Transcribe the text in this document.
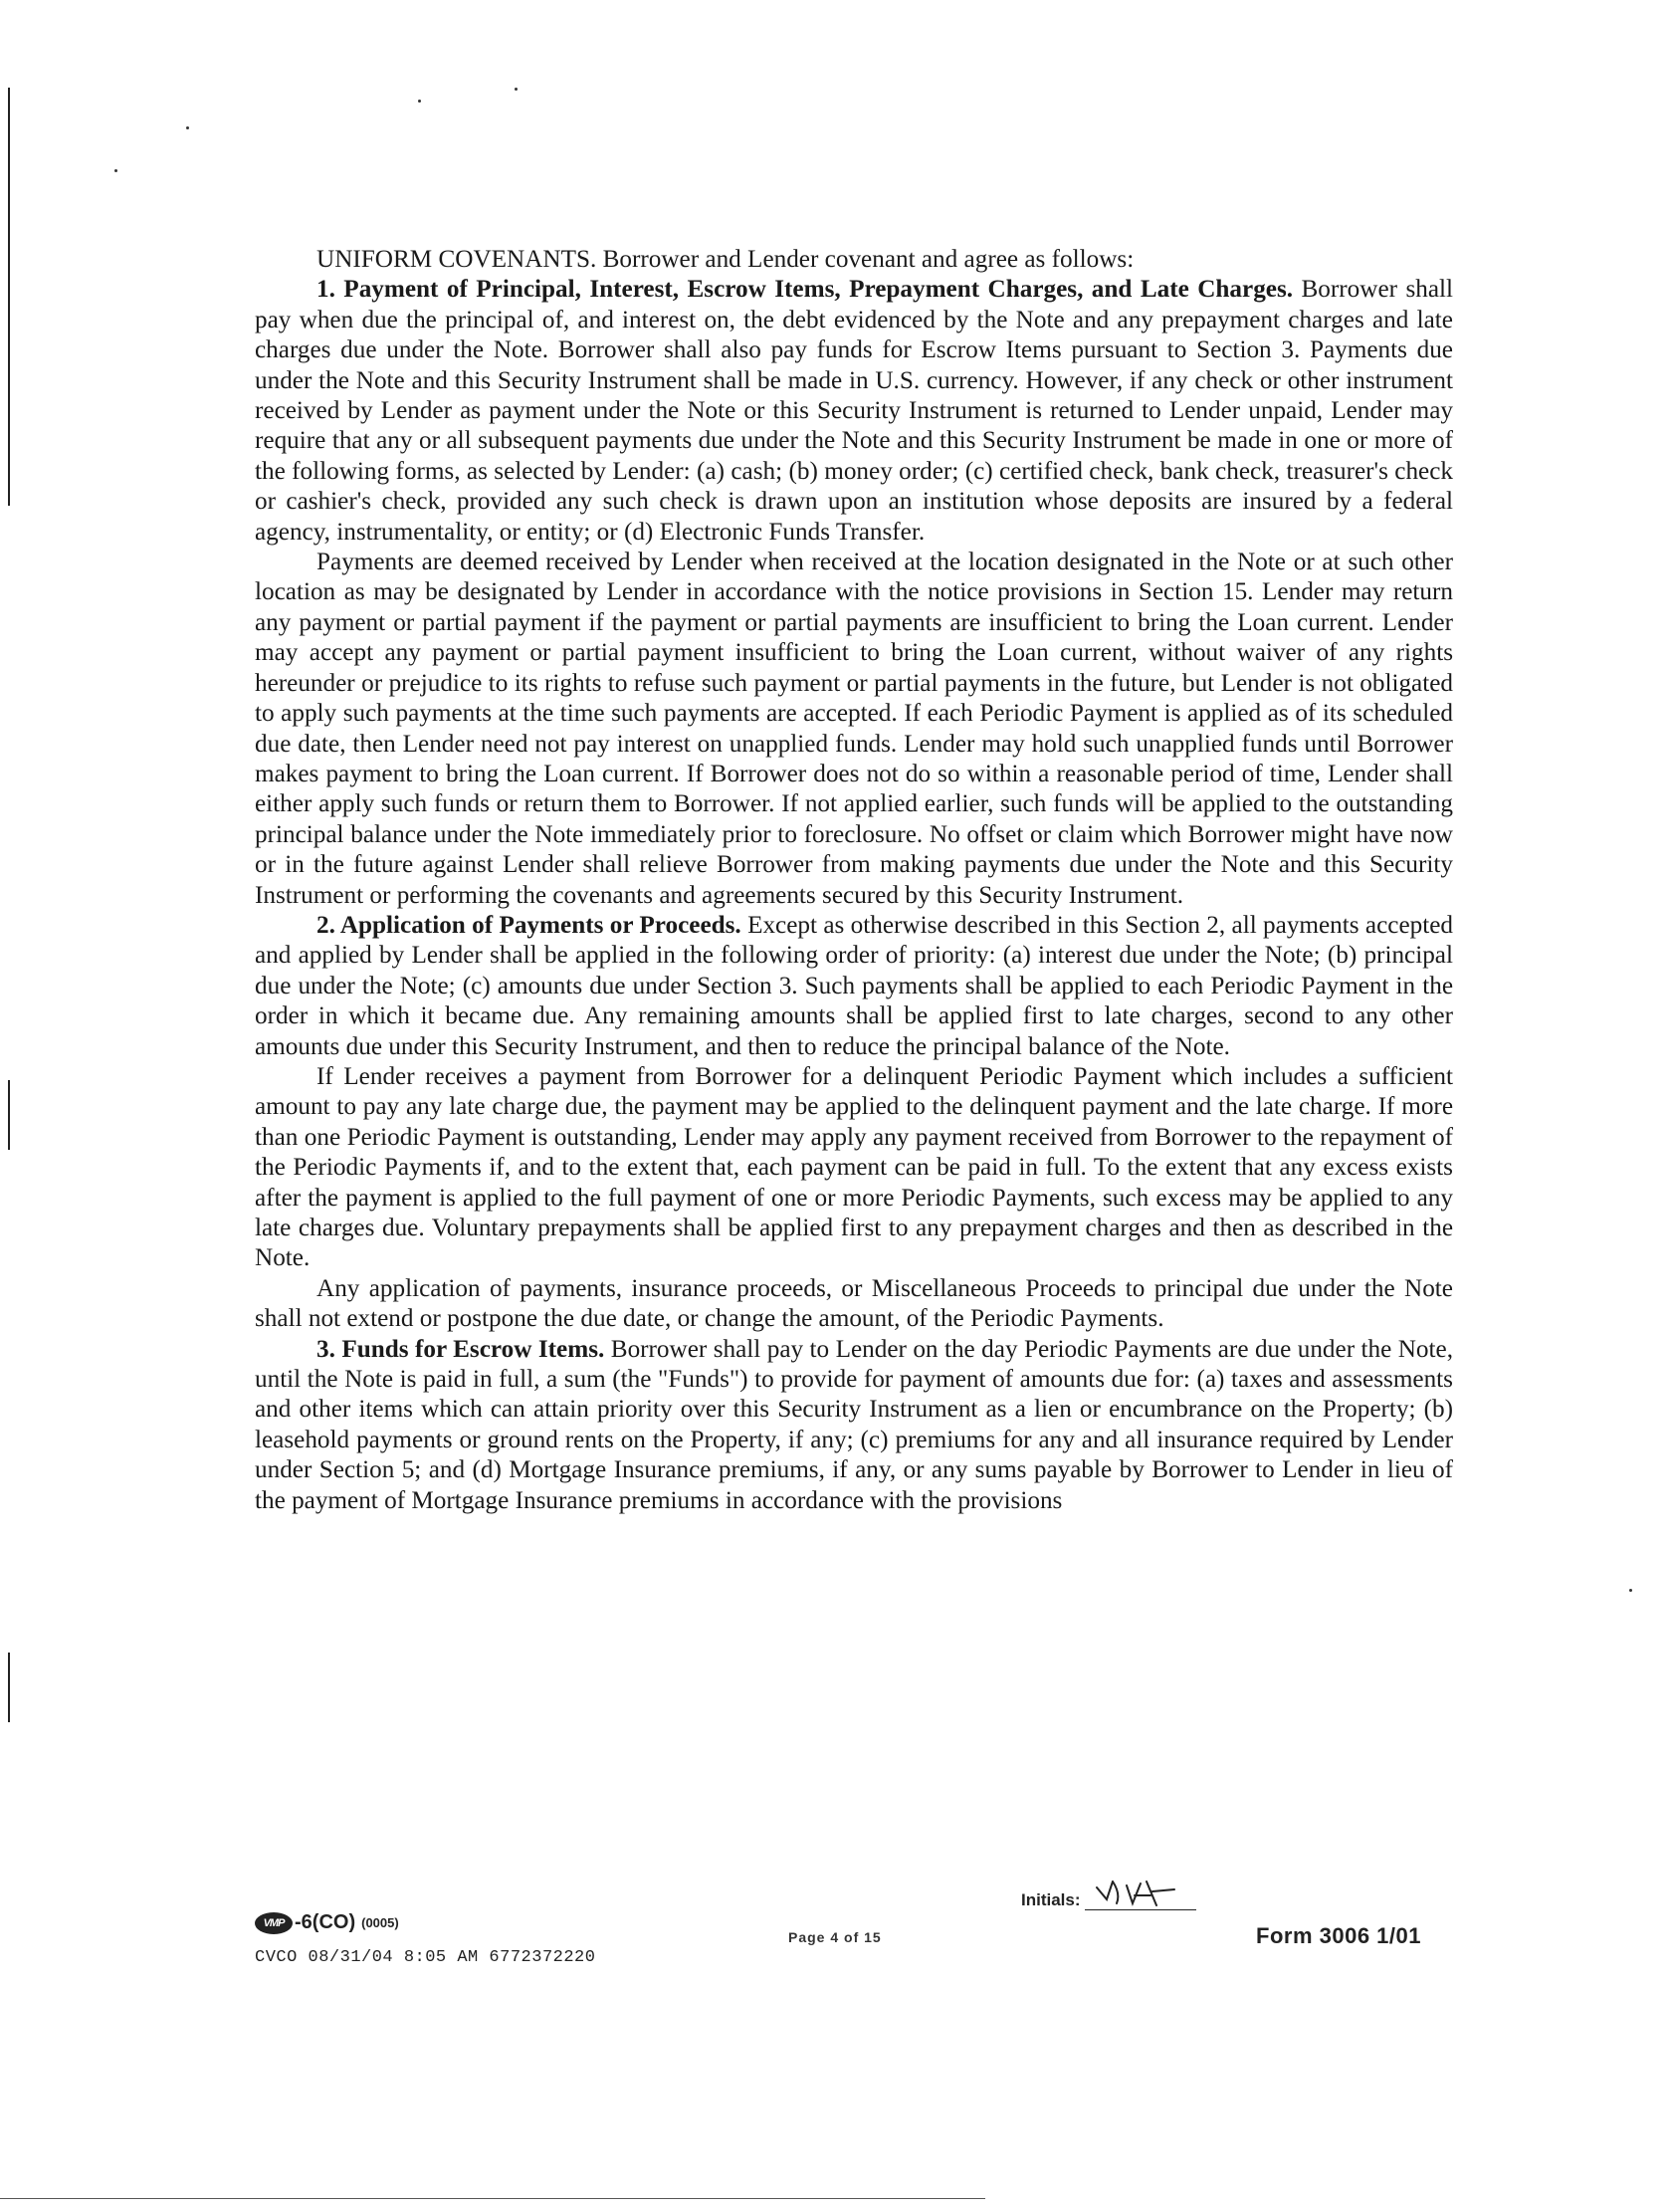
UNIFORM COVENANTS. Borrower and Lender covenant and agree as follows:

1. Payment of Principal, Interest, Escrow Items, Prepayment Charges, and Late Charges. Borrower shall pay when due the principal of, and interest on, the debt evidenced by the Note and any prepayment charges and late charges due under the Note. Borrower shall also pay funds for Escrow Items pursuant to Section 3. Payments due under the Note and this Security Instrument shall be made in U.S. currency. However, if any check or other instrument received by Lender as payment under the Note or this Security Instrument is returned to Lender unpaid, Lender may require that any or all subsequent payments due under the Note and this Security Instrument be made in one or more of the following forms, as selected by Lender: (a) cash; (b) money order; (c) certified check, bank check, treasurer's check or cashier's check, provided any such check is drawn upon an institution whose deposits are insured by a federal agency, instrumentality, or entity; or (d) Electronic Funds Transfer.

Payments are deemed received by Lender when received at the location designated in the Note or at such other location as may be designated by Lender in accordance with the notice provisions in Section 15. Lender may return any payment or partial payment if the payment or partial payments are insufficient to bring the Loan current. Lender may accept any payment or partial payment insufficient to bring the Loan current, without waiver of any rights hereunder or prejudice to its rights to refuse such payment or partial payments in the future, but Lender is not obligated to apply such payments at the time such payments are accepted. If each Periodic Payment is applied as of its scheduled due date, then Lender need not pay interest on unapplied funds. Lender may hold such unapplied funds until Borrower makes payment to bring the Loan current. If Borrower does not do so within a reasonable period of time, Lender shall either apply such funds or return them to Borrower. If not applied earlier, such funds will be applied to the outstanding principal balance under the Note immediately prior to foreclosure. No offset or claim which Borrower might have now or in the future against Lender shall relieve Borrower from making payments due under the Note and this Security Instrument or performing the covenants and agreements secured by this Security Instrument.

2. Application of Payments or Proceeds. Except as otherwise described in this Section 2, all payments accepted and applied by Lender shall be applied in the following order of priority: (a) interest due under the Note; (b) principal due under the Note; (c) amounts due under Section 3. Such payments shall be applied to each Periodic Payment in the order in which it became due. Any remaining amounts shall be applied first to late charges, second to any other amounts due under this Security Instrument, and then to reduce the principal balance of the Note.

If Lender receives a payment from Borrower for a delinquent Periodic Payment which includes a sufficient amount to pay any late charge due, the payment may be applied to the delinquent payment and the late charge. If more than one Periodic Payment is outstanding, Lender may apply any payment received from Borrower to the repayment of the Periodic Payments if, and to the extent that, each payment can be paid in full. To the extent that any excess exists after the payment is applied to the full payment of one or more Periodic Payments, such excess may be applied to any late charges due. Voluntary prepayments shall be applied first to any prepayment charges and then as described in the Note.

Any application of payments, insurance proceeds, or Miscellaneous Proceeds to principal due under the Note shall not extend or postpone the due date, or change the amount, of the Periodic Payments.

3. Funds for Escrow Items. Borrower shall pay to Lender on the day Periodic Payments are due under the Note, until the Note is paid in full, a sum (the "Funds") to provide for payment of amounts due for: (a) taxes and assessments and other items which can attain priority over this Security Instrument as a lien or encumbrance on the Property; (b) leasehold payments or ground rents on the Property, if any; (c) premiums for any and all insurance required by Lender under Section 5; and (d) Mortgage Insurance premiums, if any, or any sums payable by Borrower to Lender in lieu of the payment of Mortgage Insurance premiums in accordance with the provisions

VMP -6(CO) (0005)
CVCO 08/31/04 8:05 AM 6772372220
Page 4 of 15
Initials:
Form 3006 1/01
